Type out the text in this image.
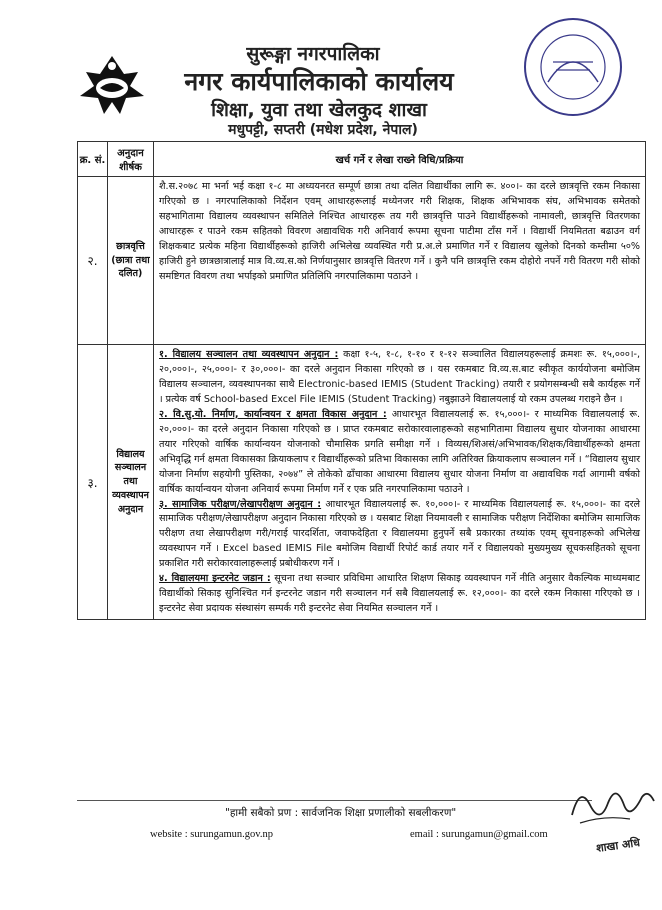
सुरूङ्गा नगरपालिका
नगर कार्यपालिकाको कार्यालय
शिक्षा, युवा तथा खेलकुद शाखा
मधुपट्टी, सप्तरी (मधेश प्रदेश, नेपाल)
क्र. सं.	अनुदान शीर्षक	खर्च गर्ने र लेखा राख्ने विधि/प्रक्रिया
२.	छात्रवृत्ति (छात्रा तथा दलित)	शै.स.२०७८ मा भर्ना भई कक्षा १-८ मा अध्ययनरत सम्पूर्ण छात्रा तथा दलित विद्यार्थीका लागि रू. ४००।- का दरले छात्रवृत्ति रकम निकासा गरिएको छ । नगरपालिकाको निर्देशन एवम् आधारहरूलाई मध्येनजर गरी शिक्षक, शिक्षक अभिभावक संघ, अभिभावक समेतको सहभागितामा विद्यालय व्यवस्थापन समितिले निश्चित आधारहरू तय गरी छात्रवृत्ति पाउने विद्यार्थीहरूको नामावली, छात्रवृत्ति वितरणका आधारहरू र पाउने रकम सहितको विवरण अद्यावधिक गरी अनिवार्य रूपमा सूचना पाटीमा टाँस गर्ने । विद्यार्थी नियमितता बढाउन वर्ग शिक्षकबाट प्रत्येक महिना विद्यार्थीहरूको हाजिरी अभिलेख व्यवस्थित गरी प्र.अ.ले प्रमाणित गर्ने र विद्यालय खुलेको दिनको कम्तीमा ५०% हाजिरी हुने छात्रछात्रालाई मात्र वि.व्य.स.को निर्णयानुसार छात्रवृत्ति वितरण गर्ने । कुनै पनि छात्रवृत्ति रकम दोहोरो नपर्ने गरी वितरण गरी सोको समष्टिगत विवरण तथा भर्पाइको प्रमाणित प्रतिलिपि नगरपालिकामा पठाउने ।
३.	विद्यालय सञ्चालन तथा व्यवस्थापन अनुदान	१. विद्यालय सञ्चालन तथा व्यवस्थापन अनुदान : कक्षा १-५, १-८, १-१० र १-१२ सञ्चालित विद्यालयहरूलाई क्रमशः रू. १५,०००।-, २०,०००।-, २५,०००।- र ३०,०००।- का दरले अनुदान निकासा गरिएको छ । यस रकमबाट वि.व्य.स.बाट स्वीकृत कार्ययोजना बमोजिम विद्यालय सञ्चालन, व्यवस्थापनका साथै Electronic-based IEMIS (Student Tracking) तयारी र प्रयोगसम्बन्धी सबै कार्यहरू गर्ने । प्रत्येक वर्ष School-based Excel File IEMIS (Student Tracking) नबुझाउने विद्यालयलाई यो रकम उपलब्ध गराइने छैन ।

२. वि.सु.यो. निर्माण, कार्यान्वयन र क्षमता विकास अनुदान : आधारभूत विद्यालयलाई रू. १५,०००।- र माध्यमिक विद्यालयलाई रू. २०,०००।- का दरले अनुदान निकासा गरिएको छ । प्राप्त रकमबाट सरोकारवालाहरूको सहभागितामा विद्यालय सुधार योजनाका आधारमा तयार गरिएको वार्षिक कार्यान्वयन योजनाको चौमासिक प्रगति समीक्षा गर्ने । विव्यस/शिअसं/अभिभावक/शिक्षक/विद्यार्थीहरूको क्षमता अभिवृद्धि गर्न क्षमता विकासका क्रियाकलाप र विद्यार्थीहरूको प्रतिभा विकासका लागि अतिरिक्त क्रियाकलाप सञ्चालन गर्ने । “विद्यालय सुधार योजना निर्माण सहयोगी पुस्तिका, २०७४” ले तोकेको ढाँचाका आधारमा विद्यालय सुधार योजना निर्माण वा अद्यावधिक गर्दा आगामी वर्षको वार्षिक कार्यान्वयन योजना अनिवार्य रूपमा निर्माण गर्ने र एक प्रति नगरपालिकामा पठाउने ।

३. सामाजिक परीक्षण/लेखापरीक्षण अनुदान : आधारभूत विद्यालयलाई रू. १०,०००।- र माध्यमिक विद्यालयलाई रू. १५,०००।- का दरले सामाजिक परीक्षण/लेखापरीक्षण अनुदान निकासा गरिएको छ । यसबाट शिक्षा नियमावली र सामाजिक परीक्षण निर्देशिका बमोजिम सामाजिक परीक्षण तथा लेखापरीक्षण गरी/गराई पारदर्शिता, जवाफदेहिता र विद्यालयमा हुनुपर्ने सबै प्रकारका तथ्यांक एवम् सूचनाहरूको अभिलेख व्यवस्थापन गर्ने । Excel based IEMIS File बमोजिम विद्यार्थी रिपोर्ट कार्ड तयार गर्ने र विद्यालयको मुख्यमुख्य सूचकसहितको सूचना प्रकाशित गरी सरोकारवालाहरूलाई प्रबोधीकरण गर्ने ।

४. विद्यालयमा इन्टरनेट जडान : सूचना तथा सञ्चार प्रविधिमा आधारित शिक्षण सिकाइ व्यवस्थापन गर्ने नीति अनुसार वैकल्पिक माध्यमबाट विद्यार्थीको सिकाइ सुनिश्चित गर्न इन्टरनेट जडान गरी सञ्चालन गर्न सबै विद्यालयलाई रू. १२,०००।- का दरले रकम निकासा गरिएको छ । इन्टरनेट सेवा प्रदायक संस्थासंग सम्पर्क गरी इन्टरनेट सेवा नियमित सञ्चालन गर्ने ।

"हामी सबैको प्रण : सार्वजनिक शिक्षा प्रणालीको सबलीकरण"
website : surungamun.gov.np	email : surungamun@gmail.com
शाखा अधि
